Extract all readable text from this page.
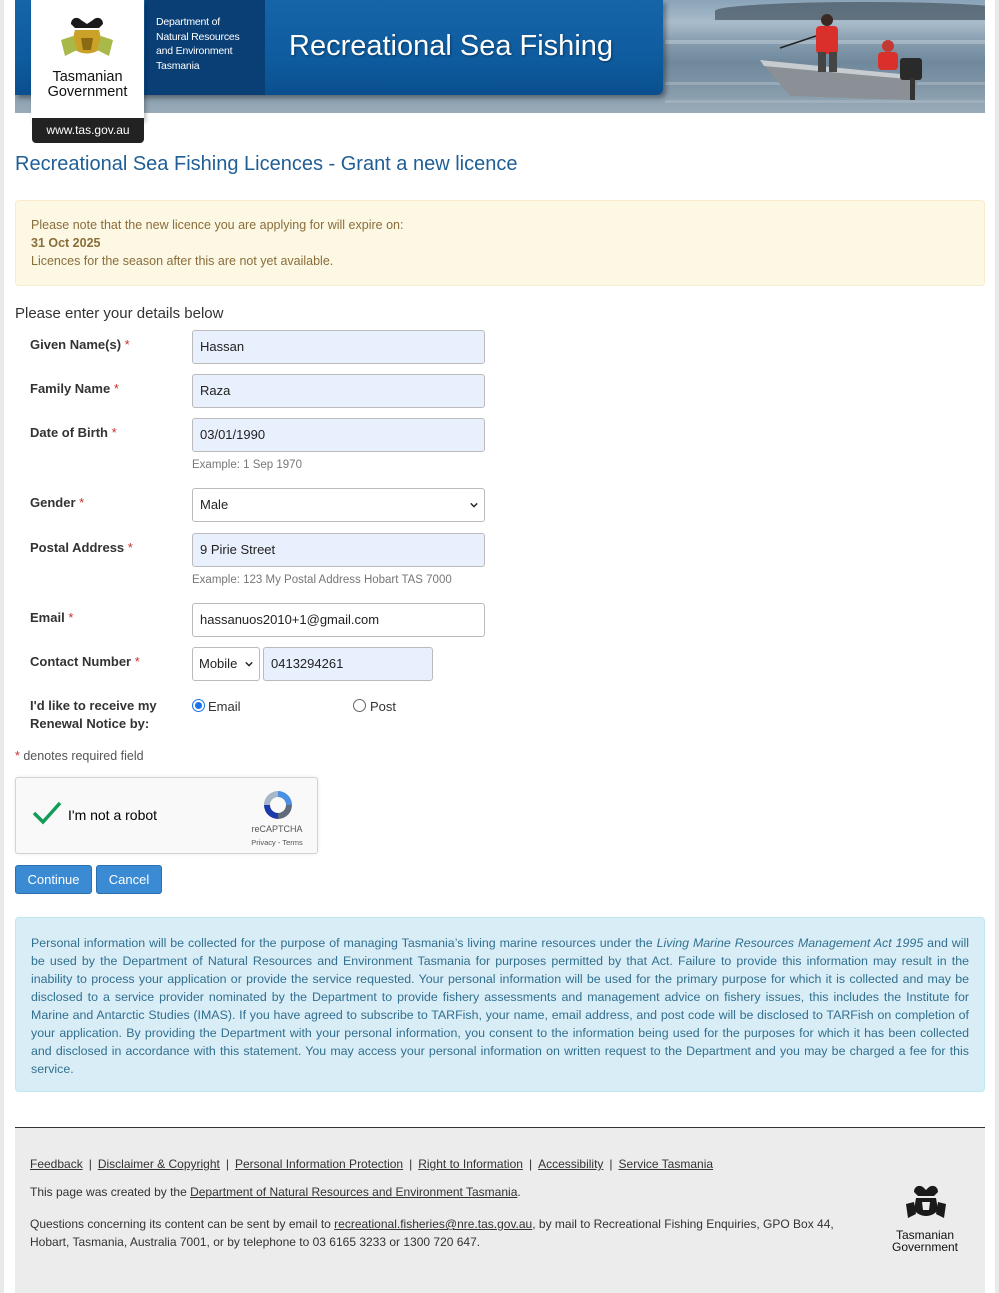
Department of
Natural Resources
and Environment
Tasmania
Recreational Sea Fishing
Tasmanian
Government
www.tas.gov.au
Recreational Sea Fishing Licences - Grant a new licence
Please note that the new licence you are applying for will expire on:
31 Oct 2025
Licences for the season after this are not yet available.
Please enter your details below
Given Name(s) *	Hassan
Family Name *	Raza
Date of Birth *	03/01/1990
Example: 1 Sep 1970
Gender *	Male
Postal Address *	9 Pirie Street
Example: 123 My Postal Address Hobart TAS 7000
Email *	hassanuos2010+1@gmail.com
Contact Number *	Mobile	0413294261
I'd like to receive my
Renewal Notice by:
Email	Post
* denotes required field
I'm not a robot
reCAPTCHA
Privacy - Terms
Continue	Cancel
Personal information will be collected for the purpose of managing Tasmania’s living marine resources under the Living Marine Resources Management Act 1995 and will be used by the Department of Natural Resources and Environment Tasmania for purposes permitted by that Act. Failure to provide this information may result in the inability to process your application or provide the service requested. Your personal information will be used for the primary purpose for which it is collected and may be disclosed to a service provider nominated by the Department to provide fishery assessments and management advice on fishery issues, this includes the Institute for Marine and Antarctic Studies (IMAS). If you have agreed to subscribe to TARFish, your name, email address, and post code will be disclosed to TARFish on completion of your application. By providing the Department with your personal information, you consent to the information being used for the purposes for which it has been collected and disclosed in accordance with this statement. You may access your personal information on written request to the Department and you may be charged a fee for this service.
Feedback | Disclaimer & Copyright | Personal Information Protection | Right to Information | Accessibility | Service Tasmania
This page was created by the Department of Natural Resources and Environment Tasmania.
Questions concerning its content can be sent by email to recreational.fisheries@nre.tas.gov.au, by mail to Recreational Fishing Enquiries, GPO Box 44, Hobart, Tasmania, Australia 7001, or by telephone to 03 6165 3233 or 1300 720 647.	Tasmanian
Government
